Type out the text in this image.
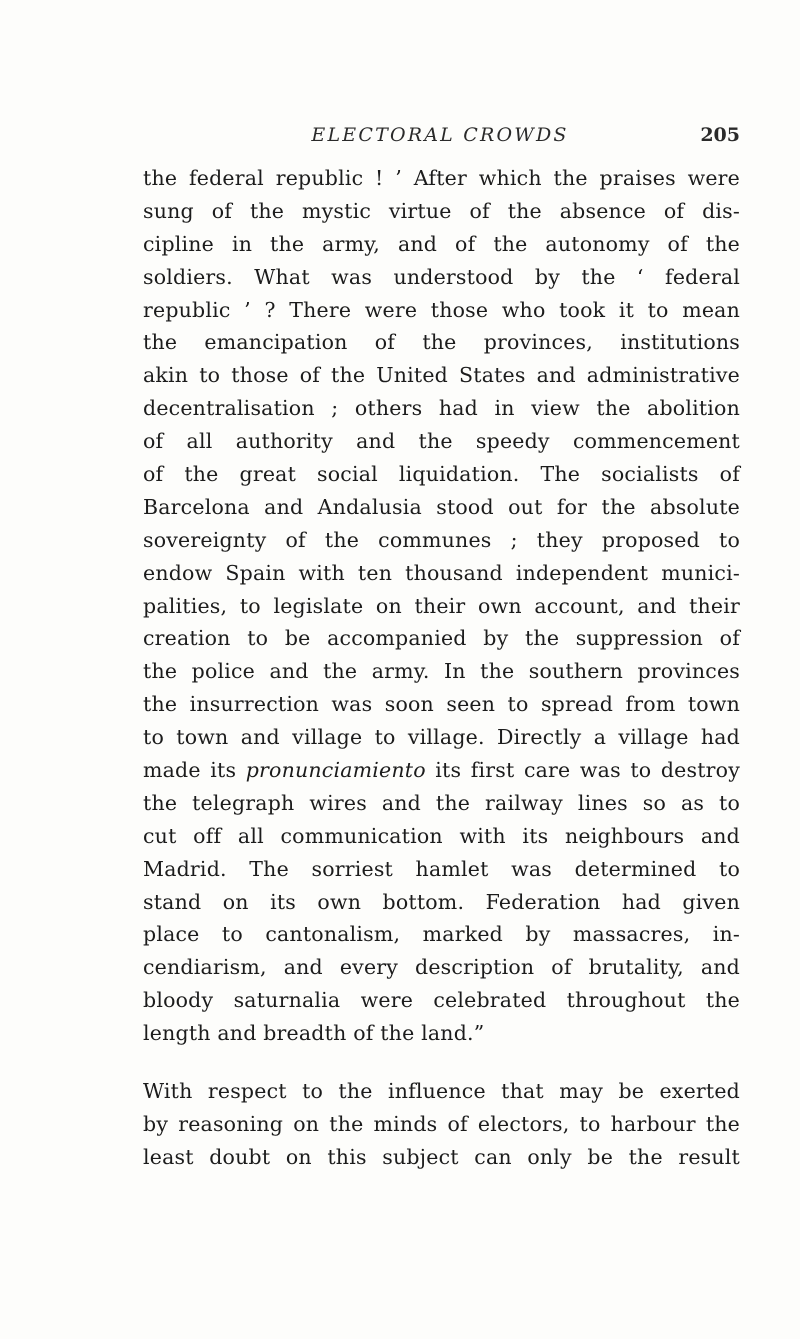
ELECTORAL CROWDS	205
the federal republic ! ’ After which the praises were
sung of the mystic virtue of the absence of dis-
cipline in the army, and of the autonomy of the
soldiers. What was understood by the ‘ federal
republic ’ ? There were those who took it to mean
the emancipation of the provinces, institutions
akin to those of the United States and administrative
decentralisation ; others had in view the abolition
of all authority and the speedy commencement
of the great social liquidation. The socialists of
Barcelona and Andalusia stood out for the absolute
sovereignty of the communes ; they proposed to
endow Spain with ten thousand independent munici-
palities, to legislate on their own account, and their
creation to be accompanied by the suppression of
the police and the army. In the southern provinces
the insurrection was soon seen to spread from town
to town and village to village. Directly a village had
made its pronunciamiento its first care was to destroy
the telegraph wires and the railway lines so as to
cut off all communication with its neighbours and
Madrid. The sorriest hamlet was determined to
stand on its own bottom. Federation had given
place to cantonalism, marked by massacres, in-
cendiarism, and every description of brutality, and
bloody saturnalia were celebrated throughout the
length and breadth of the land.”
With respect to the influence that may be exerted
by reasoning on the minds of electors, to harbour the
least doubt on this subject can only be the result
